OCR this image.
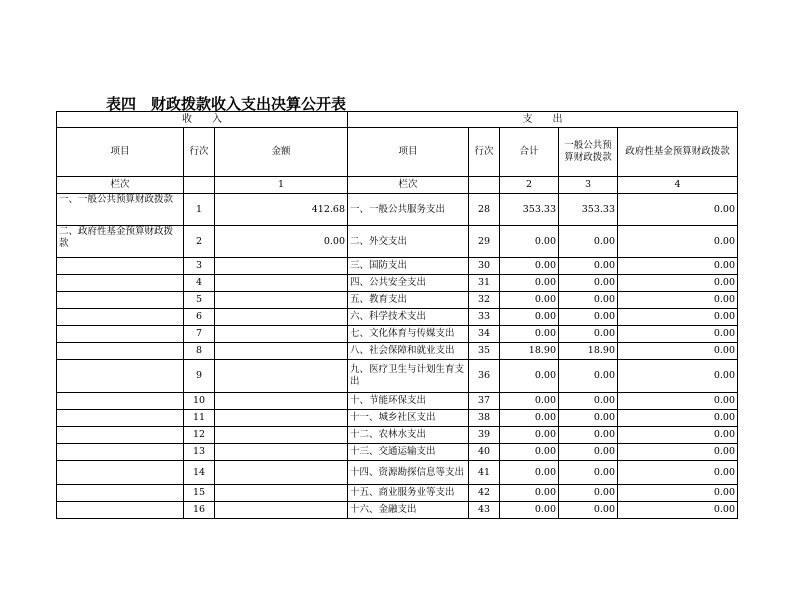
表四　财政拨款收入支出决算公开表
收　　入			支　　出				
项目	行次	金额	项目	行次	合计	一般公共预算财政拨款	政府性基金预算财政拨款
栏次		1	栏次		2	3	4
一、一般公共预算财政拨款	1	412.68	一、一般公共服务支出	28	353.33	353.33	0.00
二、政府性基金预算财政拨款	2	0.00	二、外交支出	29	0.00	0.00	0.00
	3		三、国防支出	30	0.00	0.00	0.00
	4		四、公共安全支出	31	0.00	0.00	0.00
	5		五、教育支出	32	0.00	0.00	0.00
	6		六、科学技术支出	33	0.00	0.00	0.00
	7		七、文化体育与传媒支出	34	0.00	0.00	0.00
	8		八、社会保障和就业支出	35	18.90	18.90	0.00
	9		九、医疗卫生与计划生育支出	36	0.00	0.00	0.00
	10		十、节能环保支出	37	0.00	0.00	0.00
	11		十一、城乡社区支出	38	0.00	0.00	0.00
	12		十二、农林水支出	39	0.00	0.00	0.00
	13		十三、交通运输支出	40	0.00	0.00	0.00
	14		十四、资源勘探信息等支出	41	0.00	0.00	0.00
	15		十五、商业服务业等支出	42	0.00	0.00	0.00
	16		十六、金融支出	43	0.00	0.00	0.00
